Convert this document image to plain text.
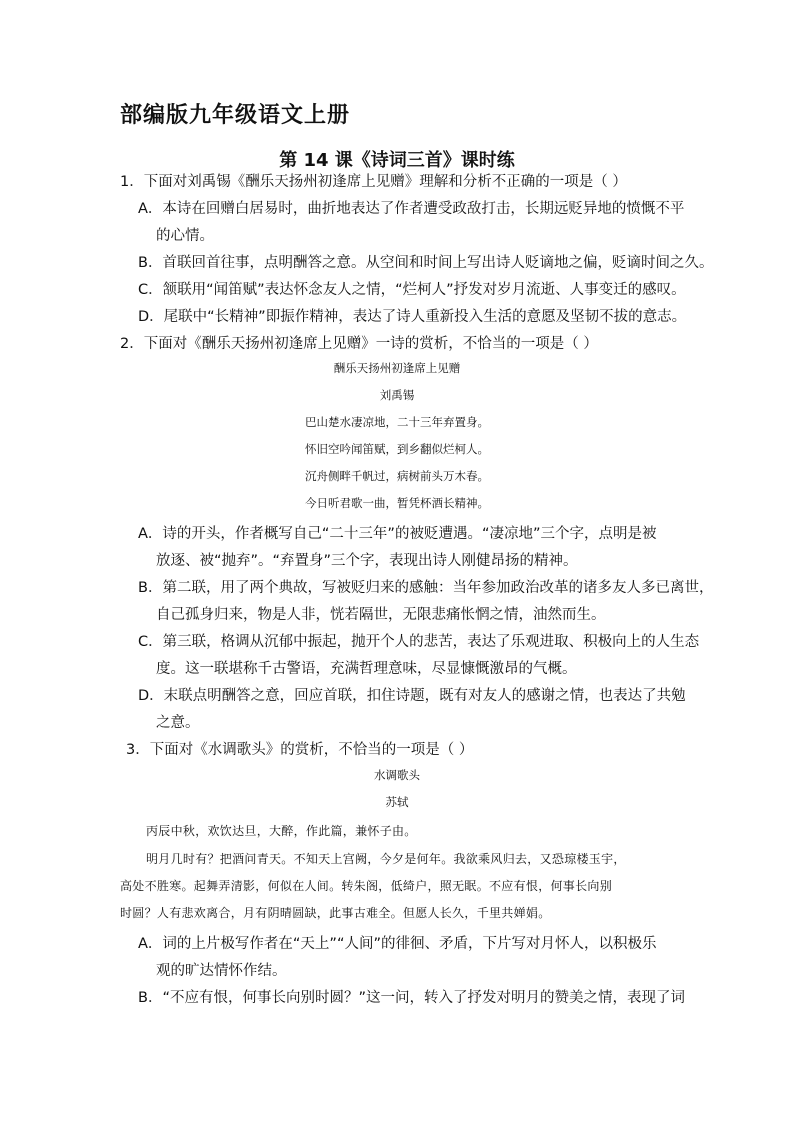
部编版九年级语文上册
第 14 课《诗词三首》课时练
1．下面对刘禹锡《酬乐天扬州初逢席上见赠》理解和分析不正确的一项是（ ）
A．本诗在回赠白居易时，曲折地表达了作者遭受政敌打击，长期远贬异地的愤慨不平
的心情。
B．首联回首往事，点明酬答之意。从空间和时间上写出诗人贬谪地之偏，贬谪时间之久。
C．颔联用“闻笛赋”表达怀念友人之情，“烂柯人”抒发对岁月流逝、人事变迁的感叹。
D．尾联中“长精神”即振作精神，表达了诗人重新投入生活的意愿及坚韧不拔的意志。
2．下面对《酬乐天扬州初逢席上见赠》一诗的赏析，不恰当的一项是（ ）
酬乐天扬州初逢席上见赠
刘禹锡
巴山楚水凄凉地，二十三年弃置身。
怀旧空吟闻笛赋，到乡翻似烂柯人。
沉舟侧畔千帆过，病树前头万木春。
今日听君歌一曲，暂凭杯酒长精神。
A．诗的开头，作者概写自己“二十三年”的被贬遭遇。“凄凉地”三个字，点明是被
放逐、被“抛弃”。“弃置身”三个字，表现出诗人刚健昂扬的精神。
B．第二联，用了两个典故，写被贬归来的感触：当年参加政治改革的诸多友人多已离世，
自己孤身归来，物是人非，恍若隔世，无限悲痛怅惘之情，油然而生。
C．第三联，格调从沉郁中振起，抛开个人的悲苦，表达了乐观进取、积极向上的人生态
度。这一联堪称千古警语，充满哲理意味，尽显慷慨激昂的气概。
D．末联点明酬答之意，回应首联，扣住诗题，既有对友人的感谢之情，也表达了共勉
之意。
3．下面对《水调歌头》的赏析，不恰当的一项是（ ）
水调歌头
苏轼
丙辰中秋，欢饮达旦，大醉，作此篇，兼怀子由。
明月几时有？把酒问青天。不知天上宫阙，今夕是何年。我欲乘风归去，又恐琼楼玉宇，
高处不胜寒。起舞弄清影，何似在人间。转朱阁，低绮户，照无眠。不应有恨，何事长向别
时圆？人有悲欢离合，月有阴晴圆缺，此事古难全。但愿人长久，千里共婵娟。
A．词的上片极写作者在“天上”“人间”的徘徊、矛盾，下片写对月怀人，以积极乐
观的旷达情怀作结。
B．“不应有恨，何事长向别时圆？”这一问，转入了抒发对明月的赞美之情，表现了词
